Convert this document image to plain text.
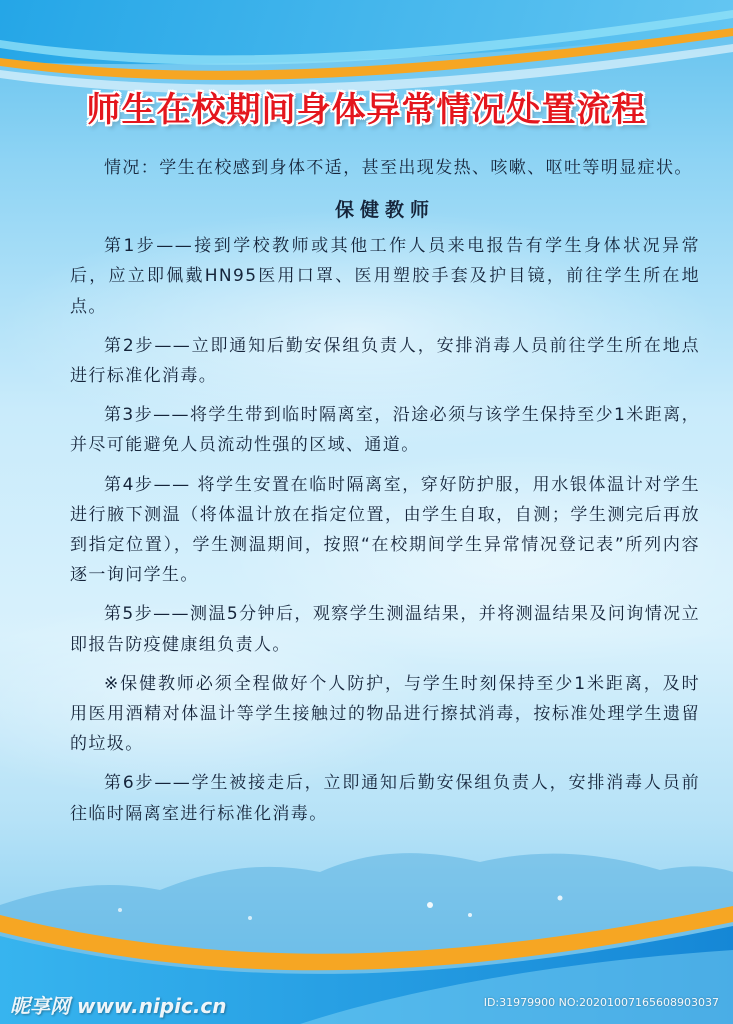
师生在校期间身体异常情况处置流程

情况：学生在校感到身体不适，甚至出现发热、咳嗽、呕吐等明显症状。

保健教师

第1步——接到学校教师或其他工作人员来电报告有学生身体状况异常后，应立即佩戴HN95医用口罩、医用塑胶手套及护目镜，前往学生所在地点。

第2步——立即通知后勤安保组负责人，安排消毒人员前往学生所在地点进行标准化消毒。

第3步——将学生带到临时隔离室，沿途必须与该学生保持至少1米距离，并尽可能避免人员流动性强的区域、通道。

第4步—— 将学生安置在临时隔离室，穿好防护服，用水银体温计对学生进行腋下测温（将体温计放在指定位置，由学生自取，自测；学生测完后再放到指定位置），学生测温期间，按照“在校期间学生异常情况登记表”所列内容逐一询问学生。

第5步——测温5分钟后，观察学生测温结果，并将测温结果及问询情况立即报告防疫健康组负责人。

※保健教师必须全程做好个人防护，与学生时刻保持至少1米距离，及时用医用酒精对体温计等学生接触过的物品进行擦拭消毒，按标准处理学生遗留的垃圾。

第6步——学生被接走后，立即通知后勤安保组负责人，安排消毒人员前往临时隔离室进行标准化消毒。

昵享网 www.nipic.cn	ID:31979900 NO:20201007165608903037
